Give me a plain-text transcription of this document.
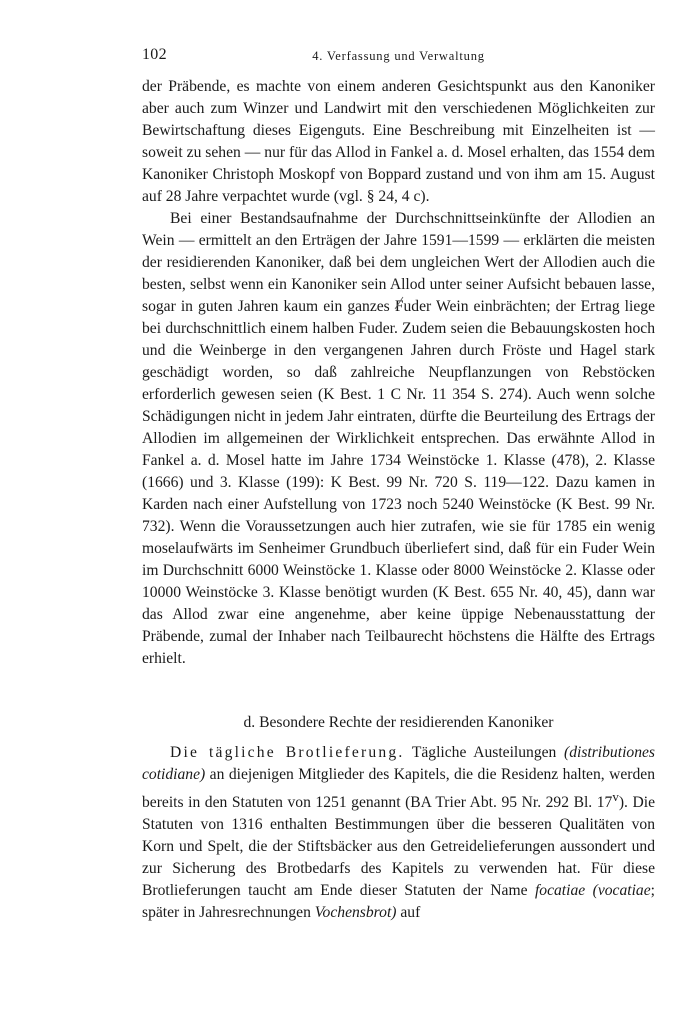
102	4. Verfassung und Verwaltung

der Präbende, es machte von einem anderen Gesichtspunkt aus den Kanoniker aber auch zum Winzer und Landwirt mit den verschiedenen Möglichkeiten zur Bewirtschaftung dieses Eigenguts. Eine Beschreibung mit Einzelheiten ist — soweit zu sehen — nur für das Allod in Fankel a. d. Mosel erhalten, das 1554 dem Kanoniker Christoph Moskopf von Boppard zustand und von ihm am 15. August auf 28 Jahre verpachtet wurde (vgl. § 24, 4 c).

Bei einer Bestandsaufnahme der Durchschnittseinkünfte der Allodien an Wein — ermittelt an den Erträgen der Jahre 1591—1599 — erklärten die meisten der residierenden Kanoniker, daß bei dem ungleichen Wert der Allodien auch die besten, selbst wenn ein Kanoniker sein Allod unter seiner Aufsicht bebauen lasse, sogar in guten Jahren kaum ein ganzes Fuder Wein einbrächten; der Ertrag liege bei durchschnittlich einem halben Fuder. Zudem seien die Bebauungskosten hoch und die Weinberge in den vergangenen Jahren durch Fröste und Hagel stark geschädigt worden, so daß zahlreiche Neupflanzungen von Rebstöcken erforderlich gewesen seien (K Best. 1 C Nr. 11 354 S. 274). Auch wenn solche Schädigungen nicht in jedem Jahr eintraten, dürfte die Beurteilung des Ertrags der Allodien im allgemeinen der Wirklichkeit entsprechen. Das erwähnte Allod in Fankel a. d. Mosel hatte im Jahre 1734 Weinstöcke 1. Klasse (478), 2. Klasse (1666) und 3. Klasse (199): K Best. 99 Nr. 720 S. 119—122. Dazu kamen in Karden nach einer Aufstellung von 1723 noch 5240 Weinstöcke (K Best. 99 Nr. 732). Wenn die Voraussetzungen auch hier zutrafen, wie sie für 1785 ein wenig moselaufwärts im Senheimer Grundbuch überliefert sind, daß für ein Fuder Wein im Durchschnitt 6000 Weinstöcke 1. Klasse oder 8000 Weinstöcke 2. Klasse oder 10000 Weinstöcke 3. Klasse benötigt wurden (K Best. 655 Nr. 40, 45), dann war das Allod zwar eine angenehme, aber keine üppige Nebenausstattung der Präbende, zumal der Inhaber nach Teilbaurecht höchstens die Hälfte des Ertrags erhielt.

d. Besondere Rechte der residierenden Kanoniker

Die tägliche Brotlieferung. Tägliche Austeilungen (distributiones cotidiane) an diejenigen Mitglieder des Kapitels, die die Residenz halten, werden bereits in den Statuten von 1251 genannt (BA Trier Abt. 95 Nr. 292 Bl. 17$^v$). Die Statuten von 1316 enthalten Bestimmungen über die besseren Qualitäten von Korn und Spelt, die der Stiftsbäcker aus den Getreidelieferungen aussondert und zur Sicherung des Brotbedarfs des Kapitels zu verwenden hat. Für diese Brotlieferungen taucht am Ende dieser Statuten der Name focatiae (vocatiae; später in Jahresrechnungen Vochensbrot) auf
